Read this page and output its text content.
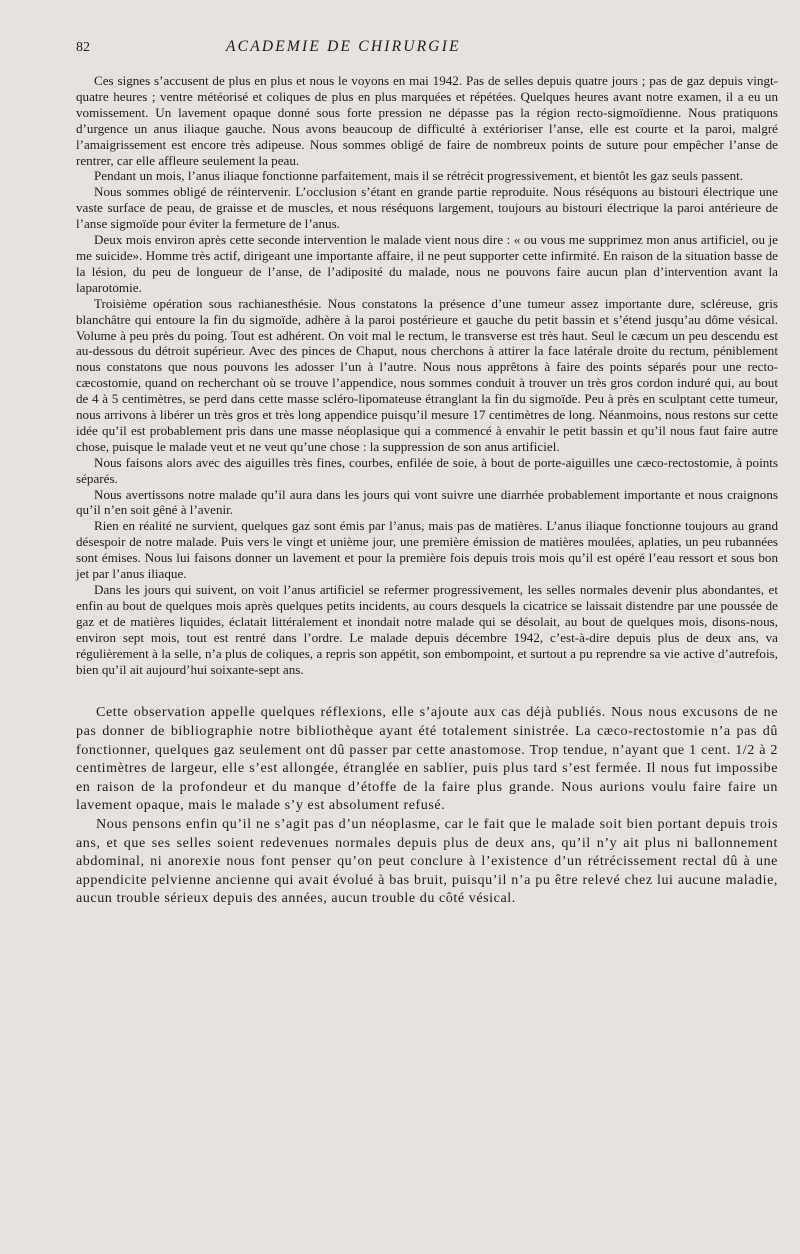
82	ACADEMIE DE CHIRURGIE

Ces signes s’accusent de plus en plus et nous le voyons en mai 1942. Pas de selles depuis quatre jours ; pas de gaz depuis vingt-quatre heures ; ventre météorisé et coliques de plus en plus marquées et répétées. Quelques heures avant notre examen, il a eu un vomissement. Un lavement opaque donné sous forte pression ne dépasse pas la région recto-sigmoïdienne. Nous pratiquons d’urgence un anus iliaque gauche. Nous avons beaucoup de difficulté à extérioriser l’anse, elle est courte et la paroi, malgré l’amaigrissement est encore très adipeuse. Nous sommes obligé de faire de nombreux points de suture pour empêcher l’anse de rentrer, car elle affleure seulement la peau.

Pendant un mois, l’anus iliaque fonctionne parfaitement, mais il se rétrécit progressivement, et bientôt les gaz seuls passent.

Nous sommes obligé de réintervenir. L’occlusion s’étant en grande partie reproduite. Nous réséquons au bistouri électrique une vaste surface de peau, de graisse et de muscles, et nous réséquons largement, toujours au bistouri électrique la paroi antérieure de l’anse sigmoïde pour éviter la fermeture de l’anus.

Deux mois environ après cette seconde intervention le malade vient nous dire : « ou vous me supprimez mon anus artificiel, ou je me suicide». Homme très actif, dirigeant une importante affaire, il ne peut supporter cette infirmité. En raison de la situation basse de la lésion, du peu de longueur de l’anse, de l’adiposité du malade, nous ne pouvons faire aucun plan d’intervention avant la laparotomie.

Troisième opération sous rachianesthésie. Nous constatons la présence d’une tumeur assez importante dure, scléreuse, gris blanchâtre qui entoure la fin du sigmoïde, adhère à la paroi postérieure et gauche du petit bassin et s’étend jusqu’au dôme vésical. Volume à peu près du poing. Tout est adhérent. On voit mal le rectum, le transverse est très haut. Seul le cæcum un peu descendu est au-dessous du détroit supérieur. Avec des pinces de Chaput, nous cherchons à attirer la face latérale droite du rectum, péniblement nous constatons que nous pouvons les adosser l’un à l’autre. Nous nous apprêtons à faire des points séparés pour une recto-cæcostomie, quand on recherchant où se trouve l’appendice, nous sommes conduit à trouver un très gros cordon induré qui, au bout de 4 à 5 centimètres, se perd dans cette masse scléro-lipomateuse étranglant la fin du sigmoïde. Peu à près en sculptant cette tumeur, nous arrivons à libérer un très gros et très long appendice puisqu’il mesure 17 centimètres de long. Néanmoins, nous restons sur cette idée qu’il est probablement pris dans une masse néoplasique qui a commencé à envahir le petit bassin et qu’il nous faut faire autre chose, puisque le malade veut et ne veut qu’une chose : la suppression de son anus artificiel.

Nous faisons alors avec des aiguilles très fines, courbes, enfilée de soie, à bout de porte-aiguilles une cæco-rectostomie, à points séparés.

Nous avertissons notre malade qu’il aura dans les jours qui vont suivre une diarrhée probablement importante et nous craignons qu’il n’en soit gêné à l’avenir.

Rien en réalité ne survient, quelques gaz sont émis par l’anus, mais pas de matières. L’anus iliaque fonctionne toujours au grand désespoir de notre malade. Puis vers le vingt et unième jour, une première émission de matières moulées, aplaties, un peu rubannées sont émises. Nous lui faisons donner un lavement et pour la première fois depuis trois mois qu’il est opéré l’eau ressort et sous bon jet par l’anus iliaque.

Dans les jours qui suivent, on voit l’anus artificiel se refermer progressivement, les selles normales devenir plus abondantes, et enfin au bout de quelques mois après quelques petits incidents, au cours desquels la cicatrice se laissait distendre par une poussée de gaz et de matières liquides, éclatait littéralement et inondait notre malade qui se désolait, au bout de quelques mois, disons-nous, environ sept mois, tout est rentré dans l’ordre. Le malade depuis décembre 1942, c’est-à-dire depuis plus de deux ans, va régulièrement à la selle, n’a plus de coliques, a repris son appétit, son embompoint, et surtout a pu reprendre sa vie active d’autrefois, bien qu’il ait aujourd’hui soixante-sept ans.

Cette observation appelle quelques réflexions, elle s’ajoute aux cas déjà publiés. Nous nous excusons de ne pas donner de bibliographie notre bibliothèque ayant été totalement sinistrée. La cæco-rectostomie n’a pas dû fonctionner, quelques gaz seulement ont dû passer par cette anastomose. Trop tendue, n’ayant que 1 cent. 1/2 à 2 centimètres de largeur, elle s’est allongée, étranglée en sablier, puis plus tard s’est fermée. Il nous fut impossibe en raison de la profondeur et du manque d’étoffe de la faire plus grande. Nous aurions voulu faire faire un lavement opaque, mais le malade s’y est absolument refusé.

Nous pensons enfin qu’il ne s’agit pas d’un néoplasme, car le fait que le malade soit bien portant depuis trois ans, et que ses selles soient redevenues normales depuis plus de deux ans, qu’il n’y ait plus ni ballonnement abdominal, ni anorexie nous font penser qu’on peut conclure à l’existence d’un rétrécissement rectal dû à une appendicite pelvienne ancienne qui avait évolué à bas bruit, puisqu’il n’a pu être relevé chez lui aucune maladie, aucun trouble sérieux depuis des années, aucun trouble du côté vésical.
